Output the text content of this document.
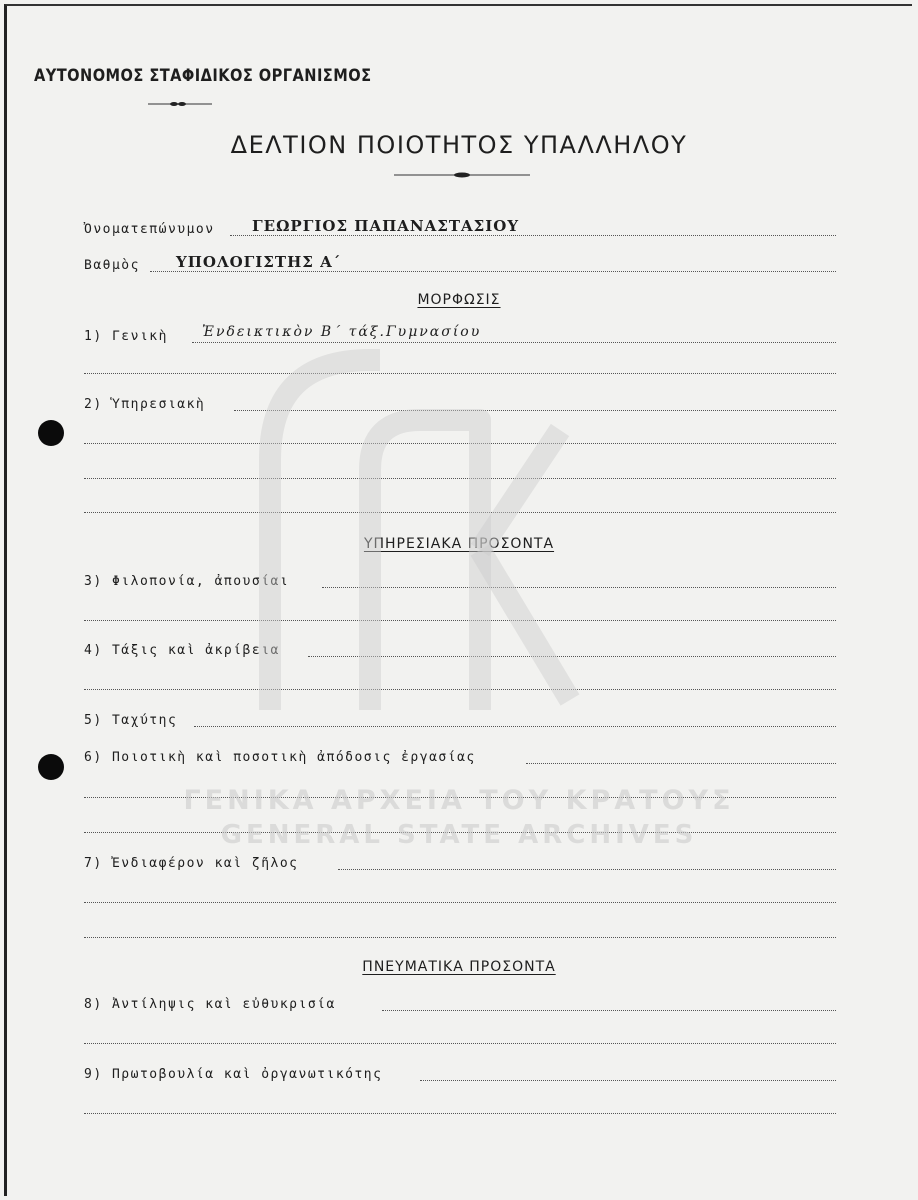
ΑΥΤΟΝΟΜΟΣ ΣΤΑΦΙΔΙΚΟΣ ΟΡΓΑΝΙΣΜΟΣ
ΔΕΛΤΙΟΝ ΠΟΙΟΤΗΤΟΣ ΥΠΑΛΛΗΛΟΥ
Ὀνοματεπώνυμον ΓΕΩΡΓΙΟΣ ΠΑΠΑΝΑΣΤΑΣΙΟΥ
Βαθμὸς ΥΠΟΛΟΓΙΣΤΗΣ Α΄
ΜΟΡΦΩΣΙΣ
1) Γενικὴ Ἐνδεικτικὸν Β΄ τάξ.Γυμνασίου
2) Ὑπηρεσιακὴ
ΥΠΗΡΕΣΙΑΚΑ ΠΡΟΣΟΝΤΑ
3) Φιλοπονία, ἀπουσίαι
4) Τάξις καὶ ἀκρίβεια
5) Ταχύτης
6) Ποιοτικὴ καὶ ποσοτικὴ ἀπόδοσις ἐργασίας
7) Ἐνδιαφέρον καὶ ζῆλος
ΠΝΕΥΜΑΤΙΚΑ ΠΡΟΣΟΝΤΑ
8) Ἀντίληψις καὶ εὐθυκρισία
9) Πρωτοβουλία καὶ ὀργανωτικότης
ΓΕΝΙΚΑ ΑΡΧΕΙΑ ΤΟΥ ΚΡΑΤΟΥΣ
GENERAL STATE ARCHIVES
